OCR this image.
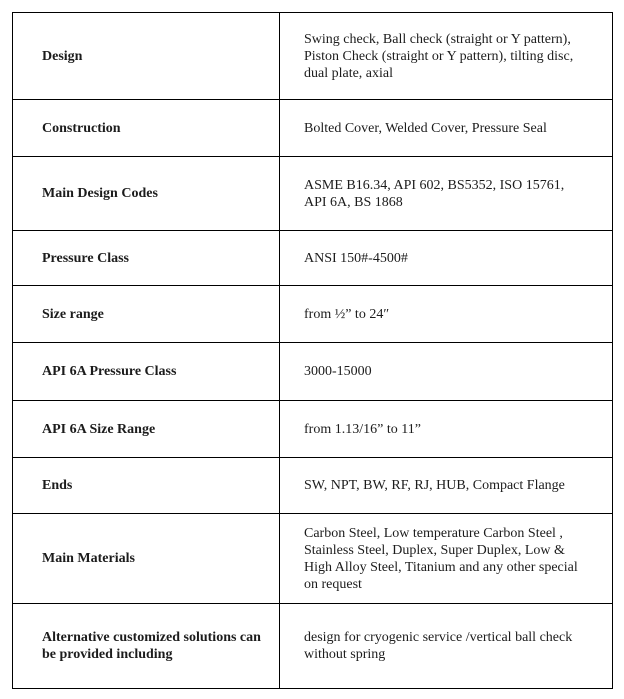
Design	Swing check, Ball check (straight or Y pattern), Piston Check (straight or Y pattern), tilting disc, dual plate, axial
Construction	Bolted Cover, Welded Cover, Pressure Seal
Main Design Codes	ASME B16.34, API 602, BS5352, ISO 15761, API 6A, BS 1868
Pressure Class	ANSI 150#-4500#
Size range	from ½” to 24″
API 6A Pressure Class	3000-15000
API 6A Size Range	from 1.13/16” to 11”
Ends	SW, NPT, BW, RF, RJ, HUB, Compact Flange
Main Materials	Carbon Steel, Low temperature Carbon Steel , Stainless Steel, Duplex, Super Duplex, Low & High Alloy Steel, Titanium and any other special on request
Alternative customized solutions can be provided including	design for cryogenic service /vertical ball check without spring
